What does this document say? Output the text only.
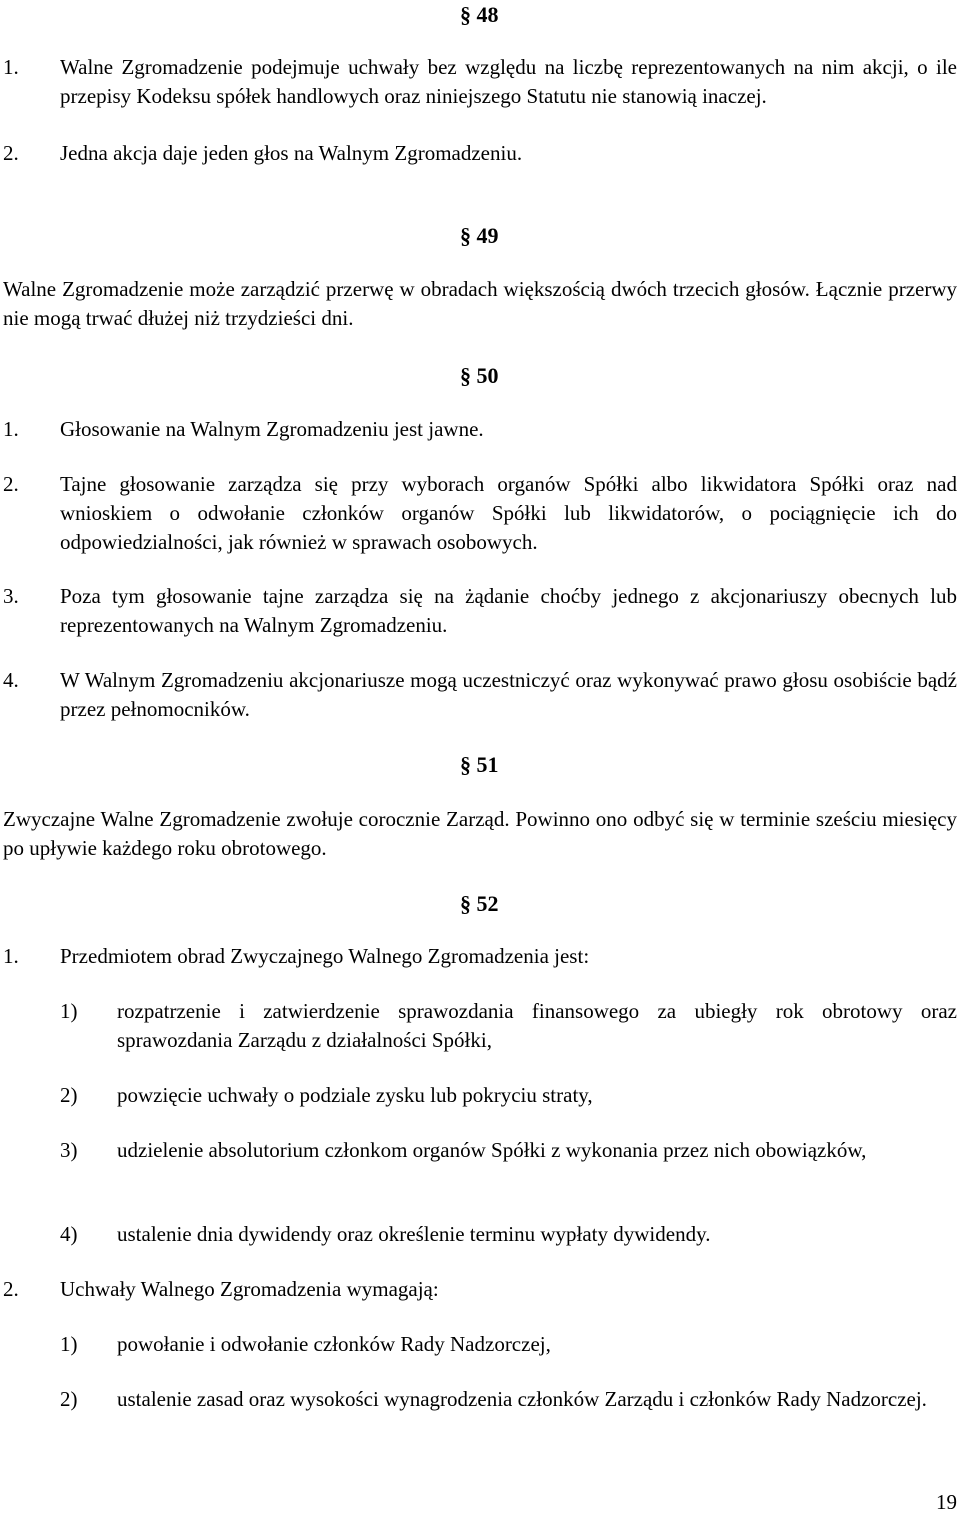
§ 48
1. Walne Zgromadzenie podejmuje uchwały bez względu na liczbę reprezentowanych na nim akcji, o ile przepisy Kodeksu spółek handlowych oraz niniejszego Statutu nie stanowią inaczej.
2. Jedna akcja daje jeden głos na Walnym Zgromadzeniu.
§ 49
Walne Zgromadzenie może zarządzić przerwę w obradach większością dwóch trzecich głosów. Łącznie przerwy nie mogą trwać dłużej niż trzydzieści dni.
§ 50
1. Głosowanie na Walnym Zgromadzeniu jest jawne.
2. Tajne głosowanie zarządza się przy wyborach organów Spółki albo likwidatora Spółki oraz nad wnioskiem o odwołanie członków organów Spółki lub likwidatorów, o pociągnięcie ich do odpowiedzialności, jak również w sprawach osobowych.
3. Poza tym głosowanie tajne zarządza się na żądanie choćby jednego z akcjonariuszy obecnych lub reprezentowanych na Walnym Zgromadzeniu.
4. W Walnym Zgromadzeniu akcjonariusze mogą uczestniczyć oraz wykonywać prawo głosu osobiście bądź przez pełnomocników.
§ 51
Zwyczajne Walne Zgromadzenie zwołuje corocznie Zarząd. Powinno ono odbyć się w terminie sześciu miesięcy po upływie każdego roku obrotowego.
§ 52
1. Przedmiotem obrad Zwyczajnego Walnego Zgromadzenia jest:
1) rozpatrzenie i zatwierdzenie sprawozdania finansowego za ubiegły rok obrotowy oraz sprawozdania Zarządu z działalności Spółki,
2) powzięcie uchwały o podziale zysku lub pokryciu straty,
3) udzielenie absolutorium członkom organów Spółki z wykonania przez nich obowiązków,
4) ustalenie dnia dywidendy oraz określenie terminu wypłaty dywidendy.
2. Uchwały Walnego Zgromadzenia wymagają:
1) powołanie i odwołanie członków Rady Nadzorczej,
2) ustalenie zasad oraz wysokości wynagrodzenia członków Zarządu i członków Rady Nadzorczej.
19
